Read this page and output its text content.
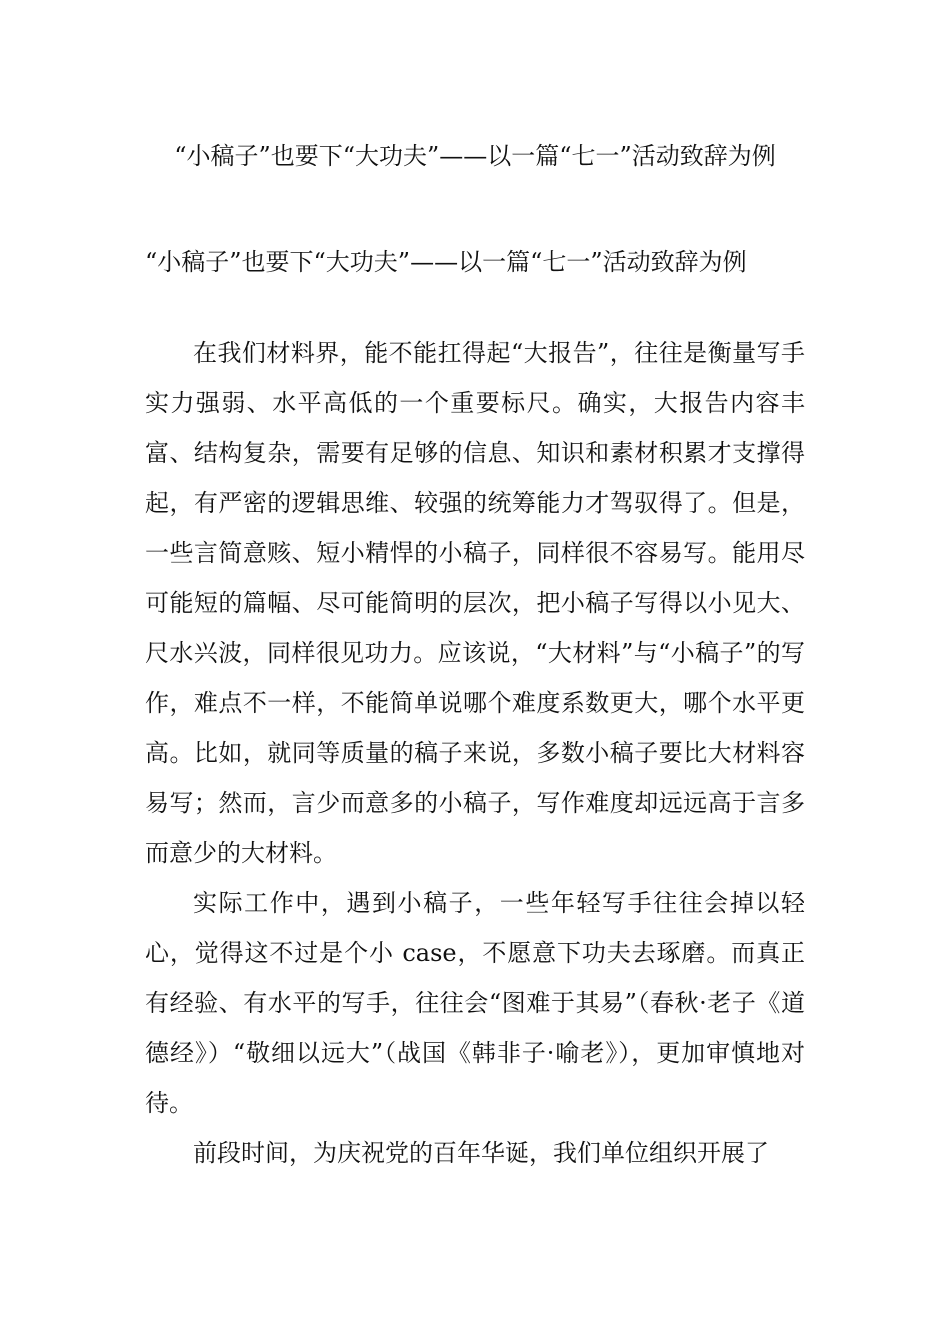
“小稿子”也要下“大功夫”——以一篇“七一”活动致辞为例

“小稿子”也要下“大功夫”——以一篇“七一”活动致辞为例

在我们材料界，能不能扛得起“大报告”，往往是衡量写手实力强弱、水平高低的一个重要标尺。确实，大报告内容丰富、结构复杂，需要有足够的信息、知识和素材积累才支撑得起，有严密的逻辑思维、较强的统筹能力才驾驭得了。但是，一些言简意赅、短小精悍的小稿子，同样很不容易写。能用尽可能短的篇幅、尽可能简明的层次，把小稿子写得以小见大、尺水兴波，同样很见功力。应该说，“大材料”与“小稿子”的写作，难点不一样，不能简单说哪个难度系数更大，哪个水平更高。比如，就同等质量的稿子来说，多数小稿子要比大材料容易写；然而，言少而意多的小稿子，写作难度却远远高于言多而意少的大材料。

实际工作中，遇到小稿子，一些年轻写手往往会掉以轻心，觉得这不过是个小 case，不愿意下功夫去琢磨。而真正有经验、有水平的写手，往往会“图难于其易”（春秋·老子《道德经》）“敬细以远大”（战国《韩非子·喻老》），更加审慎地对待。

前段时间，为庆祝党的百年华诞，我们单位组织开展了
